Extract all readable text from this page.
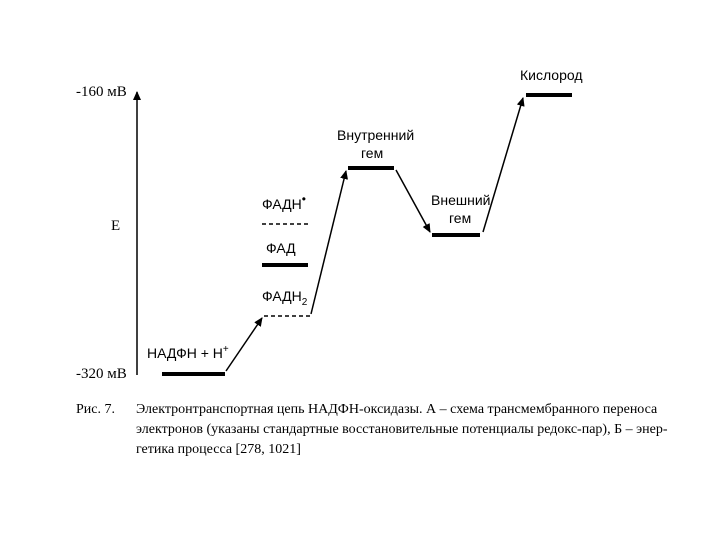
-160 мВ
-320 мВ
E
НАДФН + Н+
$ФАДН_2$
ФАД
ФАДН•
Внутренний
гем
Внешний
гем
Кислород
Рис. 7. Электронтранспортная цепь НАДФН-оксидазы. А – схема трансмембранного переноса
электронов (указаны стандартные восстановительные потенциалы редокс-пар), Б – энер-
гетика процесса [278, 1021]
